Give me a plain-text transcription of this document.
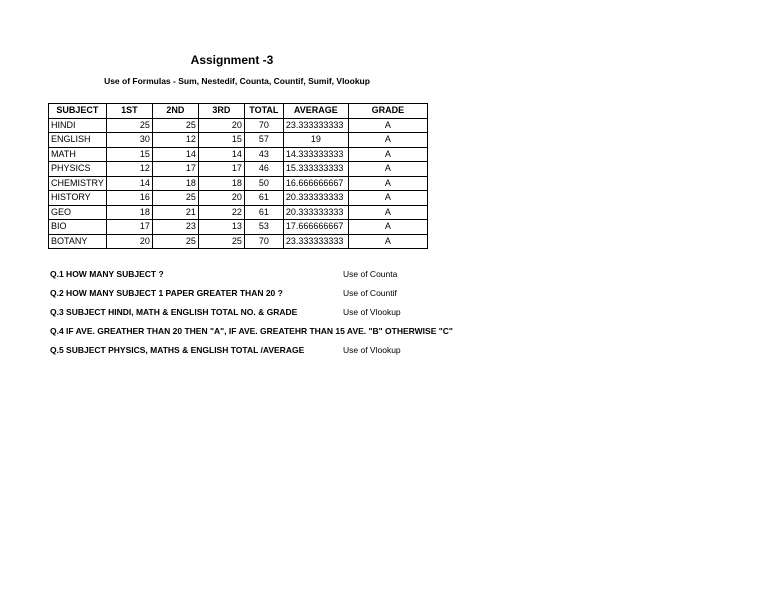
Assignment -3
Use of Formulas - Sum, Nestedif, Counta, Countif, Sumif, Vlookup
SUBJECT	1ST	2ND	3RD	TOTAL	AVERAGE	GRADE
HINDI	25	25	20	70	23.333333333	A
ENGLISH	30	12	15	57	19	A
MATH	15	14	14	43	14.333333333	A
PHYSICS	12	17	17	46	15.333333333	A
CHEMISTRY	14	18	18	50	16.666666667	A
HISTORY	16	25	20	61	20.333333333	A
GEO	18	21	22	61	20.333333333	A
BIO	17	23	13	53	17.666666667	A
BOTANY	20	25	25	70	23.333333333	A
Q.1 HOW MANY SUBJECT ?	Use of Counta
Q.2 HOW MANY SUBJECT 1 PAPER GREATER THAN 20 ?	Use of Countif
Q.3 SUBJECT HINDI, MATH & ENGLISH TOTAL NO. & GRADE	Use of Vlookup
Q.4 IF AVE. GREATHER THAN 20 THEN "A", IF AVE. GREATEHR THAN 15 AVE. "B" OTHERWISE "C"
Q.5 SUBJECT PHYSICS, MATHS & ENGLISH TOTAL /AVERAGE	Use of Vlookup
